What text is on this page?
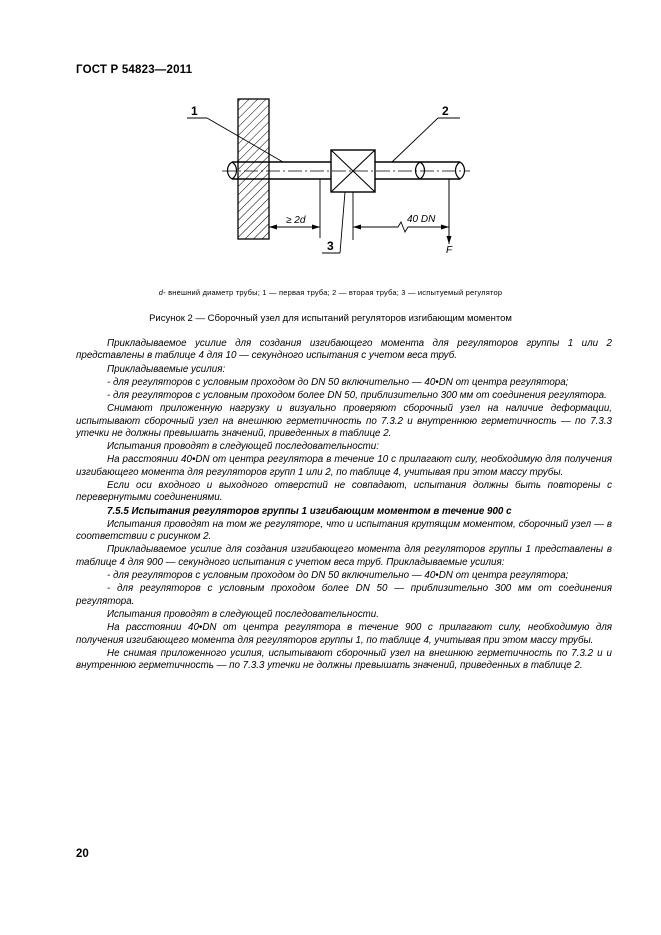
ГОСТ Р 54823—2011
≥ 2d	40 DN
F
1	2
3
d- внешний диаметр трубы; 1 — первая труба; 2 — вторая труба; 3 — испытуемый регулятор
Рисунок 2 — Сборочный узел для испытаний регуляторов изгибающим моментом

Прикладываемое усилие для создания изгибающего момента для регуляторов группы 1 или 2 представлены в таблице 4 для 10 — секундного испытания с учетом веса труб.

Прикладываемые усилия:

- для регуляторов с условным проходом до DN 50 включительно — 40•DN от центра регулятора;

- для регуляторов с условным проходом более DN 50, приблизительно 300 мм от соединения регулятора.

Снимают приложенную нагрузку и визуально проверяют сборочный узел на наличие деформации, испытывают сборочный узел на внешнюю герметичность по 7.3.2 и внутреннюю герметичность — по 7.3.3 утечки не должны превышать значений, приведенных в таблице 2.

Испытания проводят в следующей последовательности:

На расстоянии 40•DN от центра регулятора в течение 10 с прилагают силу, необходимую для получения изгибающего момента для регуляторов групп 1 или 2, по таблице 4, учитывая при этом массу трубы.

Если оси входного и выходного отверстий не совпадают, испытания должны быть повторены с перевернутыми соединениями.

7.5.5 Испытания регуляторов группы 1 изгибающим моментом в течение 900 с

Испытания проводят на том же регуляторе, что и испытания крутящим моментом, сборочный узел — в соответствии с рисунком 2.

Прикладываемое усилие для создания изгибающего момента для регуляторов группы 1 представлены в таблице 4 для 900 — секундного испытания с учетом веса труб. Прикладываемые усилия:

- для регуляторов с условным проходом до DN 50 включительно — 40•DN от центра регулятора;

- для регуляторов с условным проходом более DN 50 — приблизительно 300 мм от соединения регулятора.

Испытания проводят в следующей последовательности.

На расстоянии 40•DN от центра регулятора в течение 900 с прилагают силу, необходимую для получения изгибающего момента для регуляторов группы 1, по таблице 4, учитывая при этом массу трубы.

Не снимая приложенного усилия, испытывают сборочный узел на внешнюю герметичность по 7.3.2 и и внутреннюю герметичность — по 7.3.3 утечки не должны превышать значений, приведенных в таблице 2.

20
